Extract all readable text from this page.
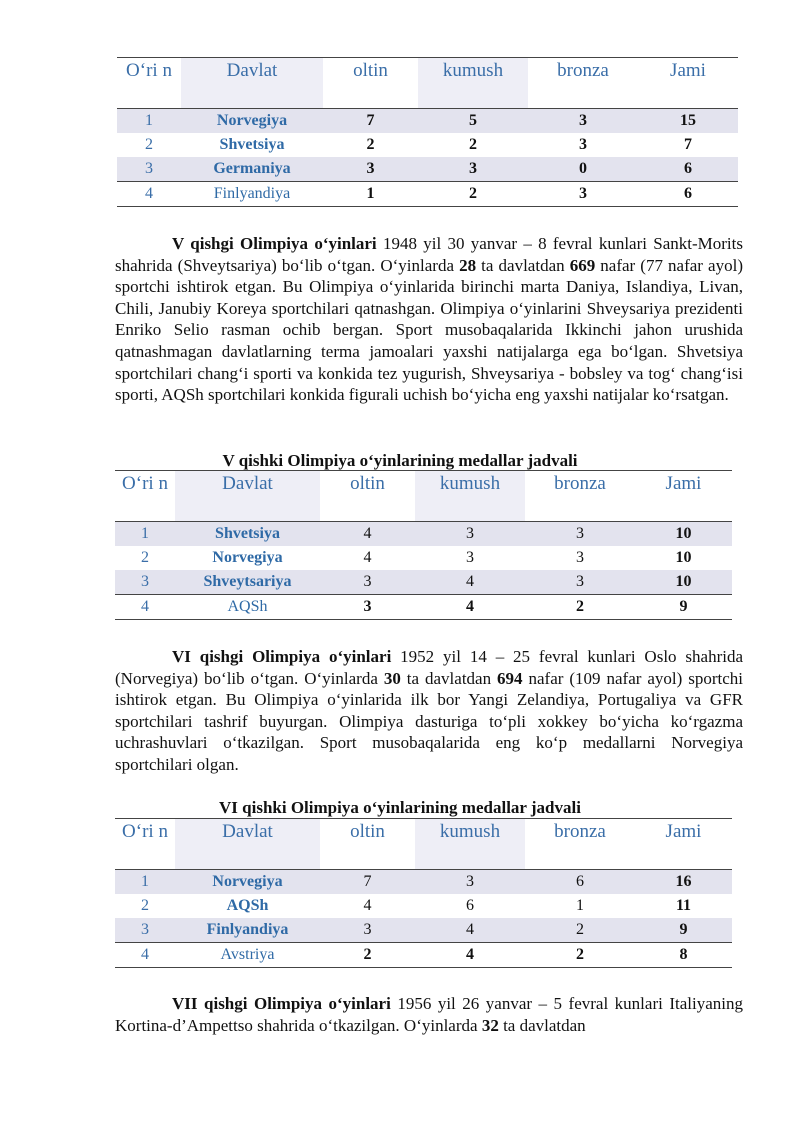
O‘ri n	Davlat	oltin	kumush	bronza	Jami
1	Norvegiya	7	5	3	15
2	Shvetsiya	2	2	3	7
3	Germaniya	3	3	0	6
4	Finlyandiya	1	2	3	6

V qishgi Olimpiya o‘yinlari 1948 yil 30 yanvar – 8 fevral kunlari Sankt-Morits shahrida (Shveytsariya) bo‘lib o‘tgan. O‘yinlarda 28 ta davlatdan 669 nafar (77 nafar ayol) sportchi ishtirok etgan. Bu Olimpiya o‘yinlarida birinchi marta Daniya, Islandiya, Livan, Chili, Janubiy Koreya sportchilari qatnashgan. Olimpiya o‘yinlarini Shveysariya prezidenti Enriko Selio rasman ochib bergan. Sport musobaqalarida Ikkinchi jahon urushida qatnashmagan davlatlarning terma jamoalari yaxshi natijalarga ega bo‘lgan. Shvetsiya sportchilari chang‘i sporti va konkida tez yugurish, Shveysariya - bobsley va tog‘ chang‘isi sporti, AQSh sportchilari konkida figurali uchish bo‘yicha eng yaxshi natijalar ko‘rsatgan.

V qishki Olimpiya o‘yinlarining medallar jadvali
O‘ri n	Davlat	oltin	kumush	bronza	Jami
1	Shvetsiya	4	3	3	10
2	Norvegiya	4	3	3	10
3	Shveytsariya	3	4	3	10
4	AQSh	3	4	2	9

VI qishgi Olimpiya o‘yinlari 1952 yil 14 – 25 fevral kunlari Oslo shahrida (Norvegiya) bo‘lib o‘tgan. O‘yinlarda 30 ta davlatdan 694 nafar (109 nafar ayol) sportchi ishtirok etgan. Bu Olimpiya o‘yinlarida ilk bor Yangi Zelandiya, Portugaliya va GFR sportchilari tashrif buyurgan. Olimpiya dasturiga to‘pli xokkey bo‘yicha ko‘rgazma uchrashuvlari o‘tkazilgan. Sport musobaqalarida eng ko‘p medallarni Norvegiya sportchilari olgan.

VI qishki Olimpiya o‘yinlarining medallar jadvali
O‘ri n	Davlat	oltin	kumush	bronza	Jami
1	Norvegiya	7	3	6	16
2	AQSh	4	6	1	11
3	Finlyandiya	3	4	2	9
4	Avstriya	2	4	2	8

VII qishgi Olimpiya o‘yinlari 1956 yil 26 yanvar – 5 fevral kunlari Italiyaning Kortina-d’Ampettso shahrida o‘tkazilgan. O‘yinlarda 32 ta davlatdan
